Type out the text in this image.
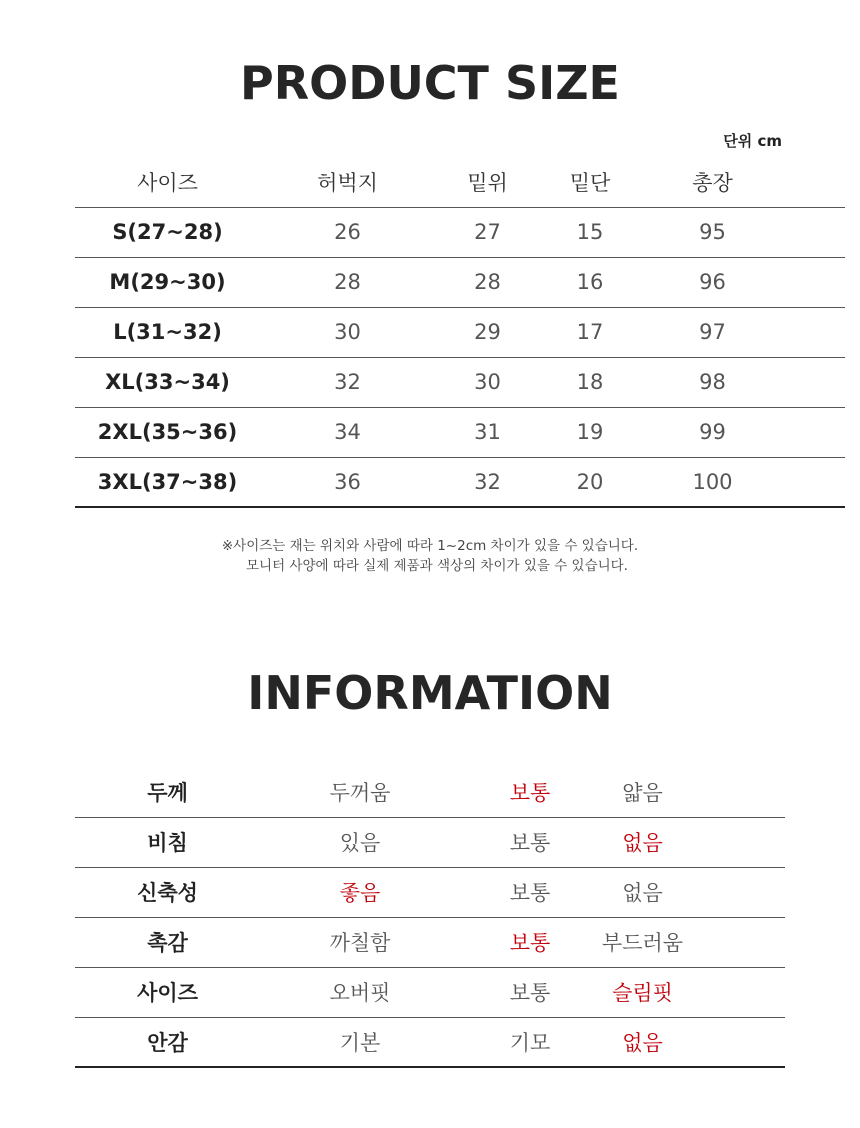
PRODUCT SIZE
단위 cm
사이즈	허벅지	밑위	밑단	총장
S(27~28)	26	27	15	95
M(29~30)	28	28	16	96
L(31~32)	30	29	17	97
XL(33~34)	32	30	18	98
2XL(35~36)	34	31	19	99
3XL(37~38)	36	32	20	100
※사이즈는 재는 위치와 사람에 따라 1~2cm 차이가 있을 수 있습니다.
모니터 사양에 따라 실제 제품과 색상의 차이가 있을 수 있습니다.
INFORMATION
두께	두꺼움	보통	얇음
비침	있음	보통	없음
신축성	좋음	보통	없음
촉감	까칠함	보통	부드러움
사이즈	오버핏	보통	슬림핏
안감	기본	기모	없음
